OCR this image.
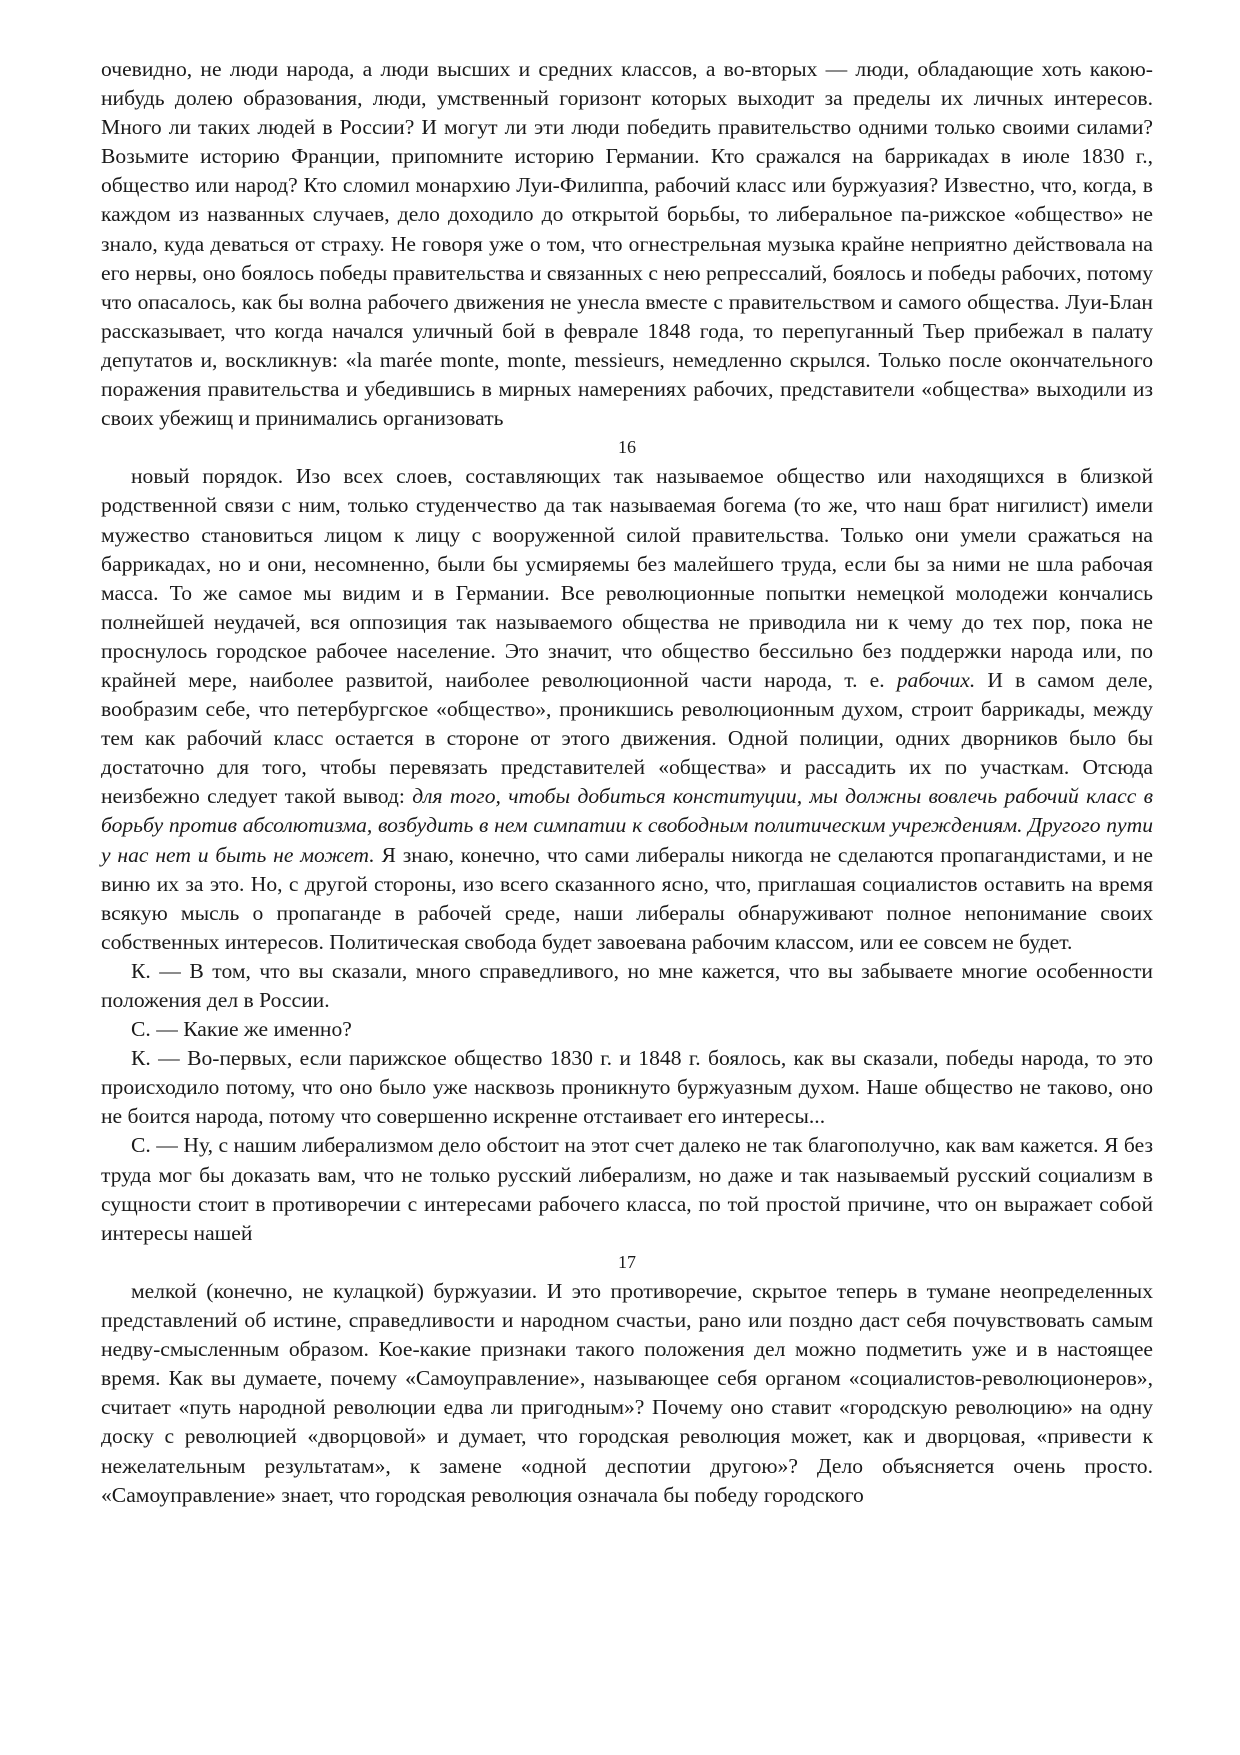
очевидно, не люди народа, а люди высших и средних классов, а во-вторых — люди, обладающие хоть какою-нибудь долею образования, люди, умственный горизонт которых выходит за пределы их личных интересов. Много ли таких людей в России? И могут ли эти люди победить правительство одними только своими силами? Возьмите историю Франции, припомните историю Германии. Кто сражался на баррикадах в июле 1830 г., общество или народ? Кто сломил монархию Луи-Филиппа, рабочий класс или буржуазия? Известно, что, когда, в каждом из названных случаев, дело доходило до открытой борьбы, то либеральное па-рижское «общество» не знало, куда деваться от страху. Не говоря уже о том, что огнестрельная музыка крайне неприятно действовала на его нервы, оно боялось победы правительства и связанных с нею репрессалий, боялось и победы рабочих, потому что опасалось, как бы волна рабочего движения не унесла вместе с правительством и самого общества. Луи-Блан рассказывает, что когда начался уличный бой в феврале 1848 года, то перепуганный Тьер прибежал в палату депутатов и, воскликнув: «la marée monte, monte, messieurs, немедленно скрылся. Только после окончательного поражения правительства и убедившись в мирных намерениях рабочих, представители «общества» выходили из своих убежищ и принимались организовать

16

новый порядок. Изо всех слоев, составляющих так называемое общество или находящихся в близкой родственной связи с ним, только студенчество да так называемая богема (то же, что наш брат нигилист) имели мужество становиться лицом к лицу с вооруженной силой правительства. Только они умели сражаться на баррикадах, но и они, несомненно, были бы усмиряемы без малейшего труда, если бы за ними не шла рабочая масса. То же самое мы видим и в Германии. Все революционные попытки немецкой молодежи кончались полнейшей неудачей, вся оппозиция так называемого общества не приводила ни к чему до тех пор, пока не проснулось городское рабочее население. Это значит, что общество бессильно без поддержки народа или, по крайней мере, наиболее развитой, наиболее революционной части народа, т. е. рабочих. И в самом деле, вообразим себе, что петербургское «общество», проникшись революционным духом, строит баррикады, между тем как рабочий класс остается в стороне от этого движения. Одной полиции, одних дворников было бы достаточно для того, чтобы перевязать представителей «общества» и рассадить их по участкам. Отсюда неизбежно следует такой вывод: для того, чтобы добиться конституции, мы должны вовлечь рабочий класс в борьбу против абсолютизма, возбудить в нем симпатии к свободным политическим учреждениям. Другого пути у нас нет и быть не может. Я знаю, конечно, что сами либералы никогда не сделаются пропагандистами, и не виню их за это. Но, с другой стороны, изо всего сказанного ясно, что, приглашая социалистов оставить на время всякую мысль о пропаганде в рабочей среде, наши либералы обнаруживают полное непонимание своих собственных интересов. Политическая свобода будет завоевана рабочим классом, или ее совсем не будет.

К. — В том, что вы сказали, много справедливого, но мне кажется, что вы забываете многие особенности положения дел в России.

С. — Какие же именно?

К. — Во-первых, если парижское общество 1830 г. и 1848 г. боялось, как вы сказали, победы народа, то это происходило потому, что оно было уже насквозь проникнуто буржуазным духом. Наше общество не таково, оно не боится народа, потому что совершенно искренне отстаивает его интересы...

С. — Ну, с нашим либерализмом дело обстоит на этот счет далеко не так благополучно, как вам кажется. Я без труда мог бы доказать вам, что не только русский либерализм, но даже и так называемый русский социализм в сущности стоит в противоречии с интересами рабочего класса, по той простой причине, что он выражает собой интересы нашей

17

мелкой (конечно, не кулацкой) буржуазии. И это противоречие, скрытое теперь в тумане неопределенных представлений об истине, справедливости и народном счастьи, рано или поздно даст себя почувствовать самым недву-смысленным образом. Кое-какие признаки такого положения дел можно подметить уже и в настоящее время. Как вы думаете, почему «Самоуправление», называющее себя органом «социалистов-революционеров», считает «путь народной революции едва ли пригодным»? Почему оно ставит «городскую революцию» на одну доску с революцией «дворцовой» и думает, что городская революция может, как и дворцовая, «привести к нежелательным результатам», к замене «одной деспотии другою»? Дело объясняется очень просто. «Самоуправление» знает, что городская революция означала бы победу городского
